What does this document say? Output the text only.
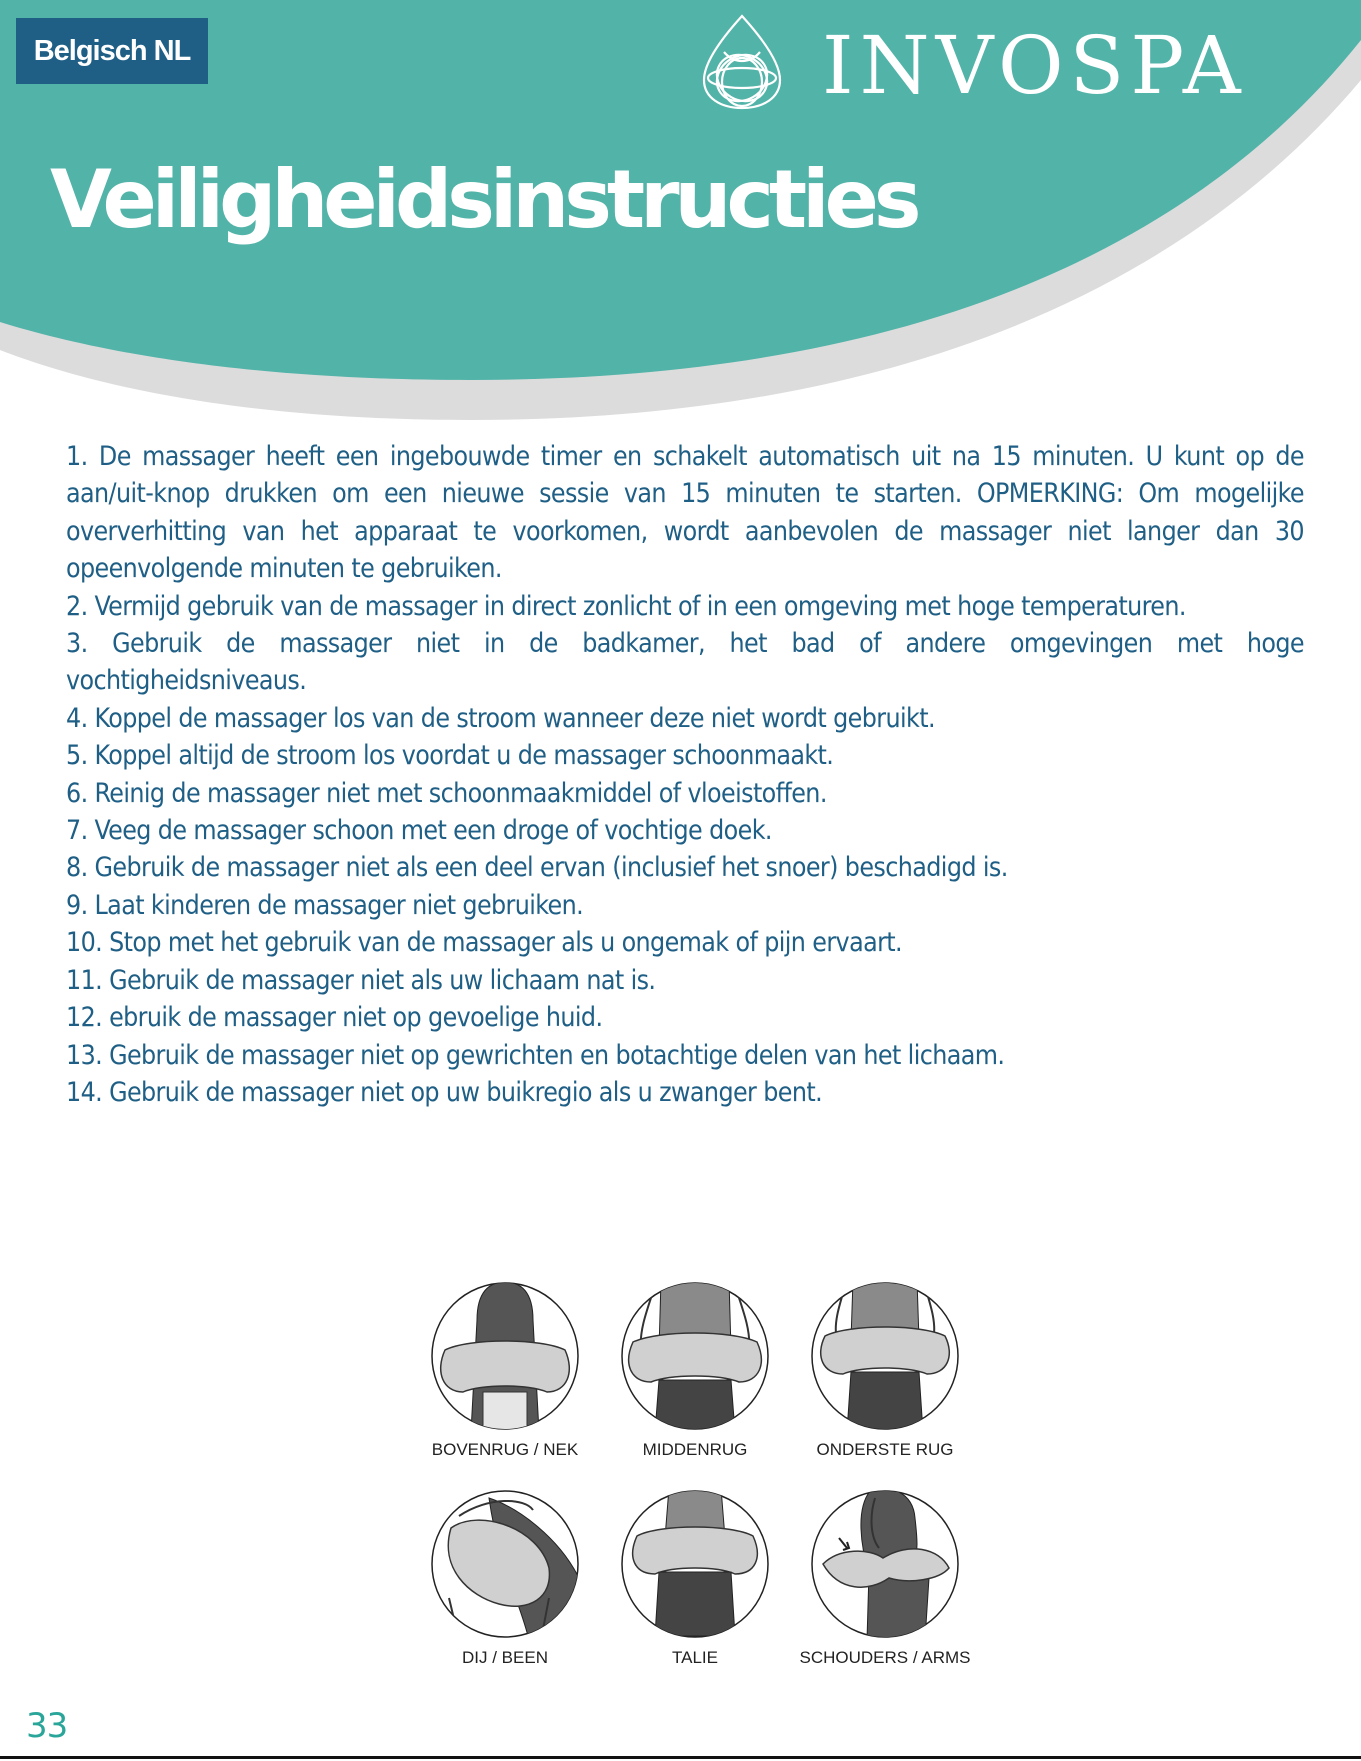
Belgisch NL	INVOSPA
Veiligheidsinstructies

1. De massager heeft een ingebouwde timer en schakelt automatisch uit na 15 minuten. U kunt op de aan/uit-knop drukken om een nieuwe sessie van 15 minuten te starten. OPMERKING: Om mogelijke oververhitting van het apparaat te voorkomen, wordt aanbevolen de massager niet langer dan 30 opeenvolgende minuten te gebruiken.

2. Vermijd gebruik van de massager in direct zonlicht of in een omgeving met hoge temperaturen.

3. Gebruik de massager niet in de badkamer, het bad of andere omgevingen met hoge vochtigheidsniveaus.

4. Koppel de massager los van de stroom wanneer deze niet wordt gebruikt.

5. Koppel altijd de stroom los voordat u de massager schoonmaakt.

6. Reinig de massager niet met schoonmaakmiddel of vloeistoffen.

7. Veeg de massager schoon met een droge of vochtige doek.

8. Gebruik de massager niet als een deel ervan (inclusief het snoer) beschadigd is.

9. Laat kinderen de massager niet gebruiken.

10. Stop met het gebruik van de massager als u ongemak of pijn ervaart.

11. Gebruik de massager niet als uw lichaam nat is.

12. ebruik de massager niet op gevoelige huid.

13. Gebruik de massager niet op gewrichten en botachtige delen van het lichaam.

14. Gebruik de massager niet op uw buikregio als u zwanger bent.

BOVENRUG / NEK	MIDDENRUG	ONDERSTE RUG
DIJ / BEEN	TALIE	SCHOUDERS / ARMS
33
